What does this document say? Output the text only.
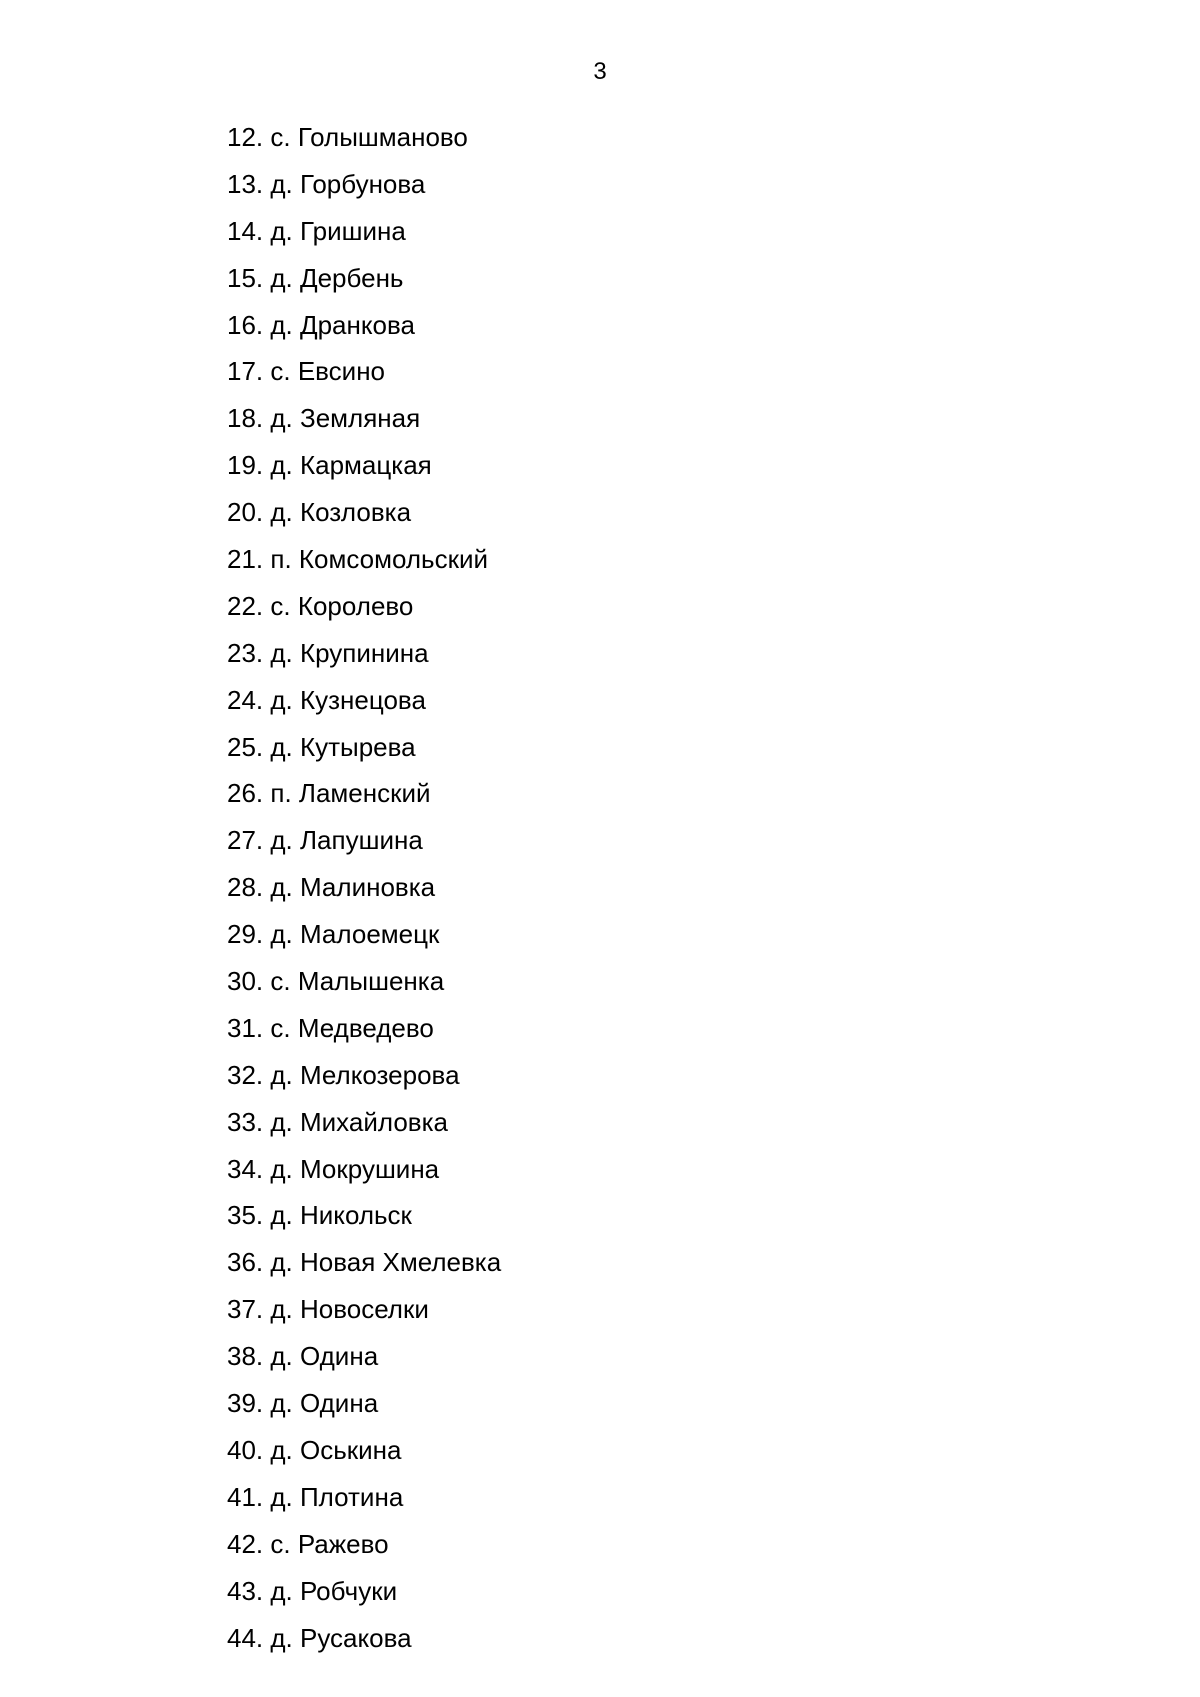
3
12. с. Голышманово
13. д. Горбунова
14. д. Гришина
15. д. Дербень
16. д. Дранкова
17. с. Евсино
18. д. Земляная
19. д. Кармацкая
20. д. Козловка
21. п. Комсомольский
22. с. Королево
23. д. Крупинина
24. д. Кузнецова
25. д. Кутырева
26. п. Ламенский
27. д. Лапушина
28. д. Малиновка
29. д. Малоемецк
30. с. Малышенка
31. с. Медведево
32. д. Мелкозерова
33. д. Михайловка
34. д. Мокрушина
35. д. Никольск
36. д. Новая Хмелевка
37. д. Новоселки
38. д. Одина
39. д. Одина
40. д. Оськина
41. д. Плотина
42. с. Ражево
43. д. Робчуки
44. д. Русакова
